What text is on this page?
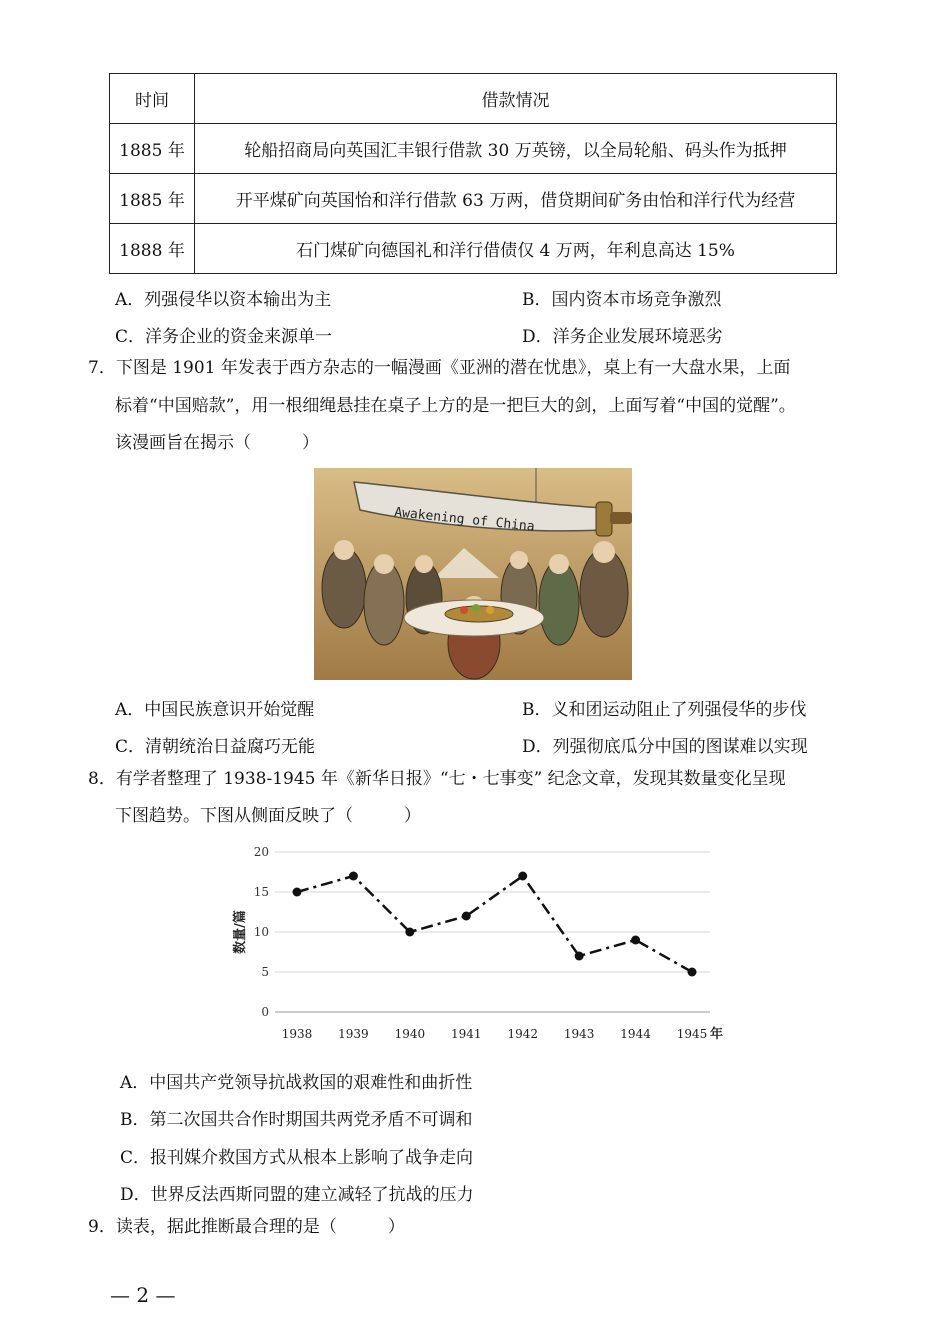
时间	借款情况
1885 年	轮船招商局向英国汇丰银行借款 30 万英镑，以全局轮船、码头作为抵押
1885 年	开平煤矿向英国怡和洋行借款 63 万两，借贷期间矿务由怡和洋行代为经营
1888 年	石门煤矿向德国礼和洋行借债仅 4 万两，年利息高达 15%
A．列强侵华以资本输出为主	B．国内资本市场竞争激烈
C．洋务企业的资金来源单一	D．洋务企业发展环境恶劣
7．下图是 1901 年发表于西方杂志的一幅漫画《亚洲的潜在忧患》，桌上有一大盘水果，上面
标着“中国赔款”，用一根细绳悬挂在桌子上方的是一把巨大的剑，上面写着“中国的觉醒”。
该漫画旨在揭示（　　　）
Awakening of China
A．中国民族意识开始觉醒	B．义和团运动阻止了列强侵华的步伐
C．清朝统治日益腐巧无能	D．列强彻底瓜分中国的图谋难以实现
8．有学者整理了 1938-1945 年《新华日报》“七・七事变” 纪念文章，发现其数量变化呈现
下图趋势。下图从侧面反映了（　　　）
0
5
10
15
20
1938 1939 1940 1941 1942 1943 1944 1945 年
数量/篇
A．中国共产党领导抗战救国的艰难性和曲折性
B．第二次国共合作时期国共两党矛盾不可调和
C．报刊媒介救国方式从根本上影响了战争走向
D．世界反法西斯同盟的建立减轻了抗战的压力
9．读表，据此推断最合理的是（　　　）
— 2 —
